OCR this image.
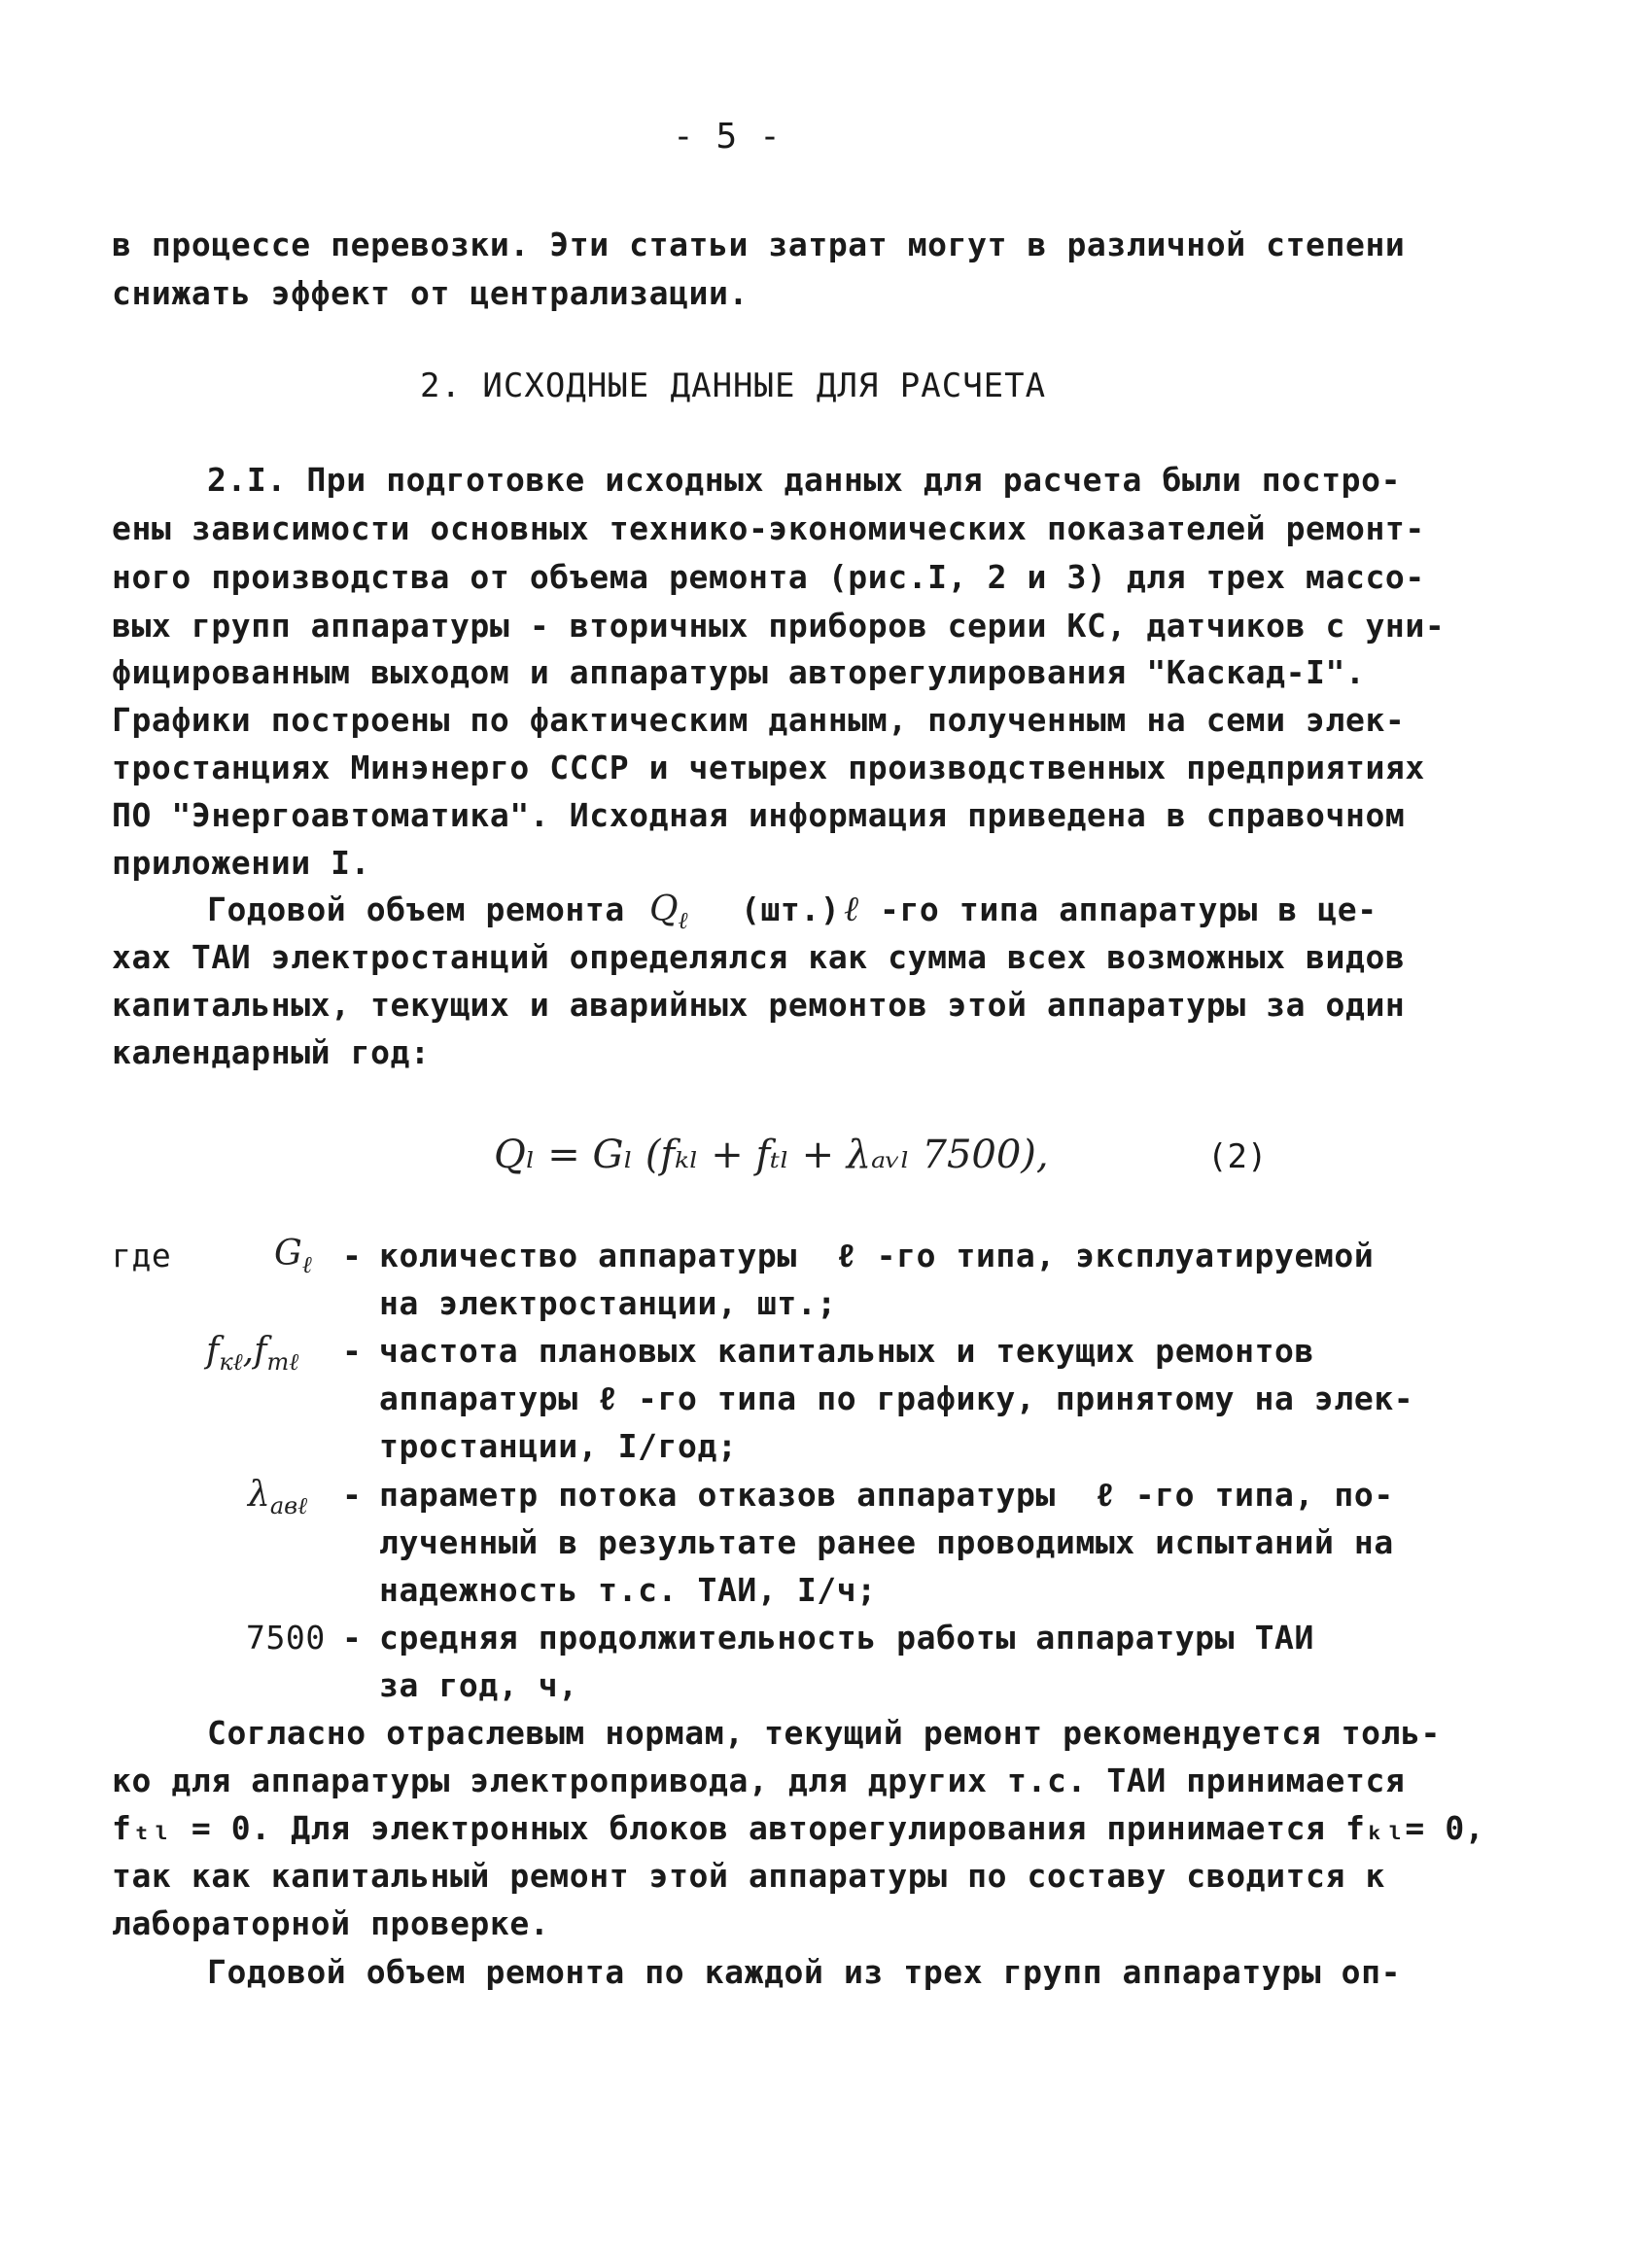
- 5 -
в процессе перевозки. Эти статьи затрат могут в различной степени
снижать эффект от централизации.
2. ИСХОДНЫЕ ДАННЫЕ ДЛЯ РАСЧЕТА
2.I. При подготовке исходных данных для расчета были постро-
ены зависимости основных технико-экономических показателей ремонт-
ного производства от объема ремонта (рис.I, 2 и 3) для трех массо-
вых групп аппаратуры - вторичных приборов серии КС, датчиков с уни-
фицированным выходом и аппаратуры авторегулирования "Каскад-I".
Графики построены по фактическим данным, полученным на семи элек-
тростанциях Минэнерго СССР и четырех производственных предприятиях
ПО "Энергоавтоматика". Исходная информация приведена в справочном
приложении I.
Годовой объем ремонта $Q_\ell$ (шт.) ℓ -го типа аппаратуры в це-
хах ТАИ электростанций определялся как сумма всех возможных видов
капитальных, текущих и аварийных ремонтов этой аппаратуры за один
календарный год:
Qₗ = Gₗ (fₖₗ + fₜₗ + λₐᵥₗ 7500),	(2)
где	$G_\ell$ - количество аппаратуры  ℓ -го типа, эксплуатируемой
на электростанции, шт.;
$f_{к\ell},f_{т\ell}$ - частота плановых капитальных и текущих ремонтов
аппаратуры ℓ -го типа по графику, принятому на элек-
тростанции, I/год;
$\lambda_{ав\ell}$ - параметр потока отказов аппаратуры  ℓ -го типа, по-
лученный в результате ранее проводимых испытаний на
надежность т.с. ТАИ, I/ч;
7500 - средняя продолжительность работы аппаратуры ТАИ
за год, ч,
Согласно отраслевым нормам, текущий ремонт рекомендуется толь-
ко для аппаратуры электропривода, для других т.с. ТАИ принимается
fₜₗ = 0. Для электронных блоков авторегулирования принимается fₖₗ= 0,
так как капитальный ремонт этой аппаратуры по составу сводится к
лабораторной проверке.
Годовой объем ремонта по каждой из трех групп аппаратуры оп-
